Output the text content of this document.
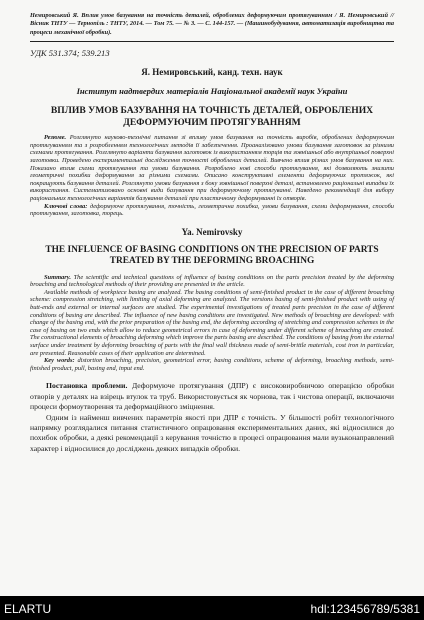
Немировський Я. Вплив умов базування на точність деталей, оброблених деформуючим протягуванням / Я. Немировський // Вісник ТНТУ — Тернопіль : ТНТУ, 2014. — Том 75. — № 3. — С. 144-157. — (Машинобудування, автоматизація виробництва та процеси механічної обробки).
УДК 531.374; 539.213
Я. Немировський, канд. техн. наук
Інститут надтвердих матеріалів Національної академії наук України
ВПЛИВ УМОВ БАЗУВАННЯ НА ТОЧНІСТЬ ДЕТАЛЕЙ, ОБРОБЛЕНИХ ДЕФОРМУЮЧИМ ПРОТЯГУВАННЯМ

Резюме. Розглянуто науково-технічні питання зі впливу умов базування на точність виробів, оброблених деформуючим протягуванням та з розробленням технологічних методів її забезпечення. Проаналізовано умови базування заготовок за різними схемами протягування. Розглянуто варіанти базування заготовок із використанням торців та зовнішньої або внутрішньої поверхні заготовки. Проведено експериментальні дослідження точності оброблених деталей. Вивчено вплив різних умов базування на них. Показано вплив схеми протягування та умови базування. Розроблено нові способи протягування, які дозволяють знизити геометричні похибки деформування за різними схемами. Описано конструктивні елементи деформуючих протяжок, які покращують базування деталей. Розглянуто умови базування з боку зовнішньої поверхні деталі, встановлено раціональні випадки їх використання. Систематизовано основні види базування при деформуючому протягуванні. Наведено рекомендації для вибору раціональних технологічних варіантів базування деталей при пластичному деформуванні їх отворів.

Ключові слова: деформуюче протягування, точність, геометрична похибка, умови базування, схеми деформування, способи протягування, заготовка, торець.

Ya. Nemirovsky
THE INFLUENCE OF BASING CONDITIONS ON THE PRECISION OF PARTS TREATED BY THE DEFORMING BROACHING

Summary. The scientific and technical questions of influence of basing conditions on the parts precision treated by the deforming broaching and technological methods of their providing are presented in the article.

Available methods of workpiece basing are analyzed. The basing conditions of semi-finished product in the case of different broaching scheme: compression stretching, with limiting of axial deforming are analyzed. The versions basing of semi-finished product with using of butt-ends and external or internal surfaces are studied. The experimental investigations of treated parts precision in the case of different conditions of basing are described. The influence of new basing conditions are investigated. New methods of broaching are developed: with change of the basing end, with the prior preparation of the basing end, the deforming according of stretching and compression schemes in the case of basing on two ends which allow to reduce geometrical errors in case of deforming under different scheme of broaching are created. The constructional elements of broaching deforming which improve the parts basing are described. The conditions of basing from the external surface under treatment by deforming broaching of parts with the final wall thickness made of semi-brittle materials, cost iron in particular, are presented. Reasonable cases of their application are determined.

Key words: distortion broaching, precision, geometrical error, basing conditions, scheme of deforming, broaching methods, semi-finished product, pull, basing end, input end.

Постановка проблеми. Деформуюче протягування (ДПР) є високовиробничою операцією обробки отворів у деталях на взірець втулок та труб. Використовується як чорнова, так і чистова операції, включаючи процеси формоутворення та деформаційного зміцнення.

Одним із найменш вивчених параметрів якості при ДПР є точність. У більшості робіт технологічного напрямку розглядалися питання статистичного опрацювання експериментальних даних, які відносилися до похибок обробки, а деякі рекомендації з керування точністю в процесі опрацювання мали вузьконаправлений характер і відносилися до досліджень деяких випадків обробки.

ELARTU	hdl:123456789/5381
